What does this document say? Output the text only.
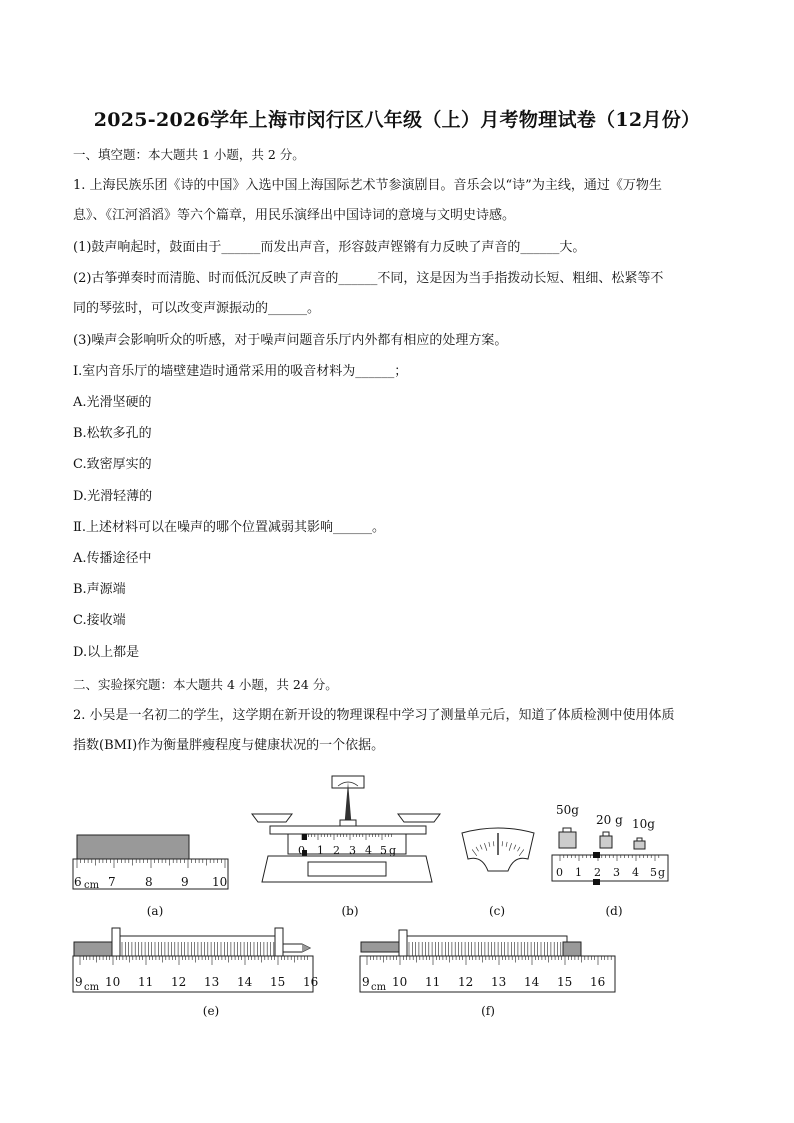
2025-2026学年上海市闵行区八年级（上）月考物理试卷（12月份）
一、填空题：本大题共 1 小题，共 2 分。
1. 上海民族乐团《诗的中国》入选中国上海国际艺术节参演剧目。音乐会以“诗”为主线，通过《万物生
息》、《江河滔滔》等六个篇章，用民乐演绎出中国诗词的意境与文明史诗感。
(1)鼓声响起时，鼓面由于______而发出声音，形容鼓声铿锵有力反映了声音的______大。
(2)古筝弹奏时而清脆、时而低沉反映了声音的______不同，这是因为当手指拨动长短、粗细、松紧等不
同的琴弦时，可以改变声源振动的______。
(3)噪声会影响听众的听感，对于噪声问题音乐厅内外都有相应的处理方案。
I.室内音乐厅的墙壁建造时通常采用的吸音材料为______；
A.光滑坚硬的
B.松软多孔的
C.致密厚实的
D.光滑轻薄的
Ⅱ.上述材料可以在噪声的哪个位置减弱其影响______。
A.传播途径中
B.声源端
C.接收端
D.以上都是
二、实验探究题：本大题共 4 小题，共 24 分。
2. 小吴是一名初二的学生，这学期在新开设的物理课程中学习了测量单元后，知道了体质检测中使用体质
指数(BMI)作为衡量胖瘦程度与健康状况的一个依据。
6 cm 7 8 9 10
(a)
0 1 2 3 4 5 g
(b)	(c)
50g
20 g 10g
0 1 2 3 4 5 g
(d)
9 cm 10 11 12 13 14 15 16
(e)
9 cm 10 11 12 13 14 15 16
(f)
